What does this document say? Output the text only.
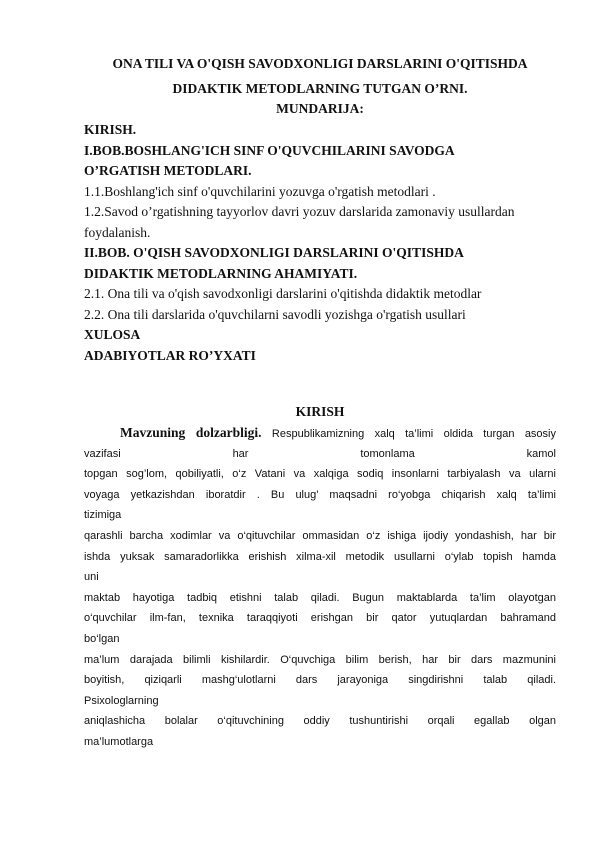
ONA TILI VA O'QISH SAVODXONLIGI DARSLARINI O'QITISHDA
DIDAKTIK METODLARNING TUTGAN O’RNI.
MUNDARIJA:
KIRISH.
I.BOB.BOSHLANG'ICH SINF O'QUVCHILARINI SAVODGA
O’RGATISH METODLARI.
1.1.Boshlang'ich sinf o'quvchilarini yozuvga o'rgatish metodlari .
1.2.Savod o’rgatishning tayyorlov davri yozuv darslarida zamonaviy usullardan
foydalanish.
II.BOB. O'QISH SAVODXONLIGI DARSLARINI O'QITISHDA
DIDAKTIK METODLARNING AHAMIYATI.
2.1. Ona tili va o'qish savodxonligi darslarini o'qitishda didaktik metodlar
2.2. Ona tili darslarida o'quvchilarni savodli yozishga o'rgatish usullari
XULOSA
ADABIYOTLAR RO’YXATI
KIRISH
Mavzuning dolzarbligi. Respublikamizning xalq ta’limi oldida turgan asosiy
vazifasi har tomonlama kamol
topgan sog’lom, qobiliyatli, o‘z Vatani va xalqiga sodiq insonlarni tarbiyalash va ularni
voyaga yetkazishdan iboratdir . Bu ulug’ maqsadni ro‘yobga chiqarish xalq ta’limi
tizimiga
qarashli barcha xodimlar va o‘qituvchilar ommasidan o‘z ishiga ijodiy yondashish, har bir
ishda yuksak samaradorlikka erishish xilma-xil metodik usullarni o‘ylab topish hamda
uni
maktab hayotiga tadbiq etishni talab qiladi. Bugun maktablarda ta’lim olayotgan
o‘quvchilar ilm-fan, texnika taraqqiyoti erishgan bir qator yutuqlardan bahramand
bo‘lgan
ma’lum darajada bilimli kishilardir. O‘quvchiga bilim berish, har bir dars mazmunini
boyitish, qiziqarli mashg‘ulotlarni dars jarayoniga singdirishni talab qiladi.
Psixologlarning
aniqlashicha bolalar o‘qituvchining oddiy tushuntirishi orqali egallab olgan
ma’lumotlarga
